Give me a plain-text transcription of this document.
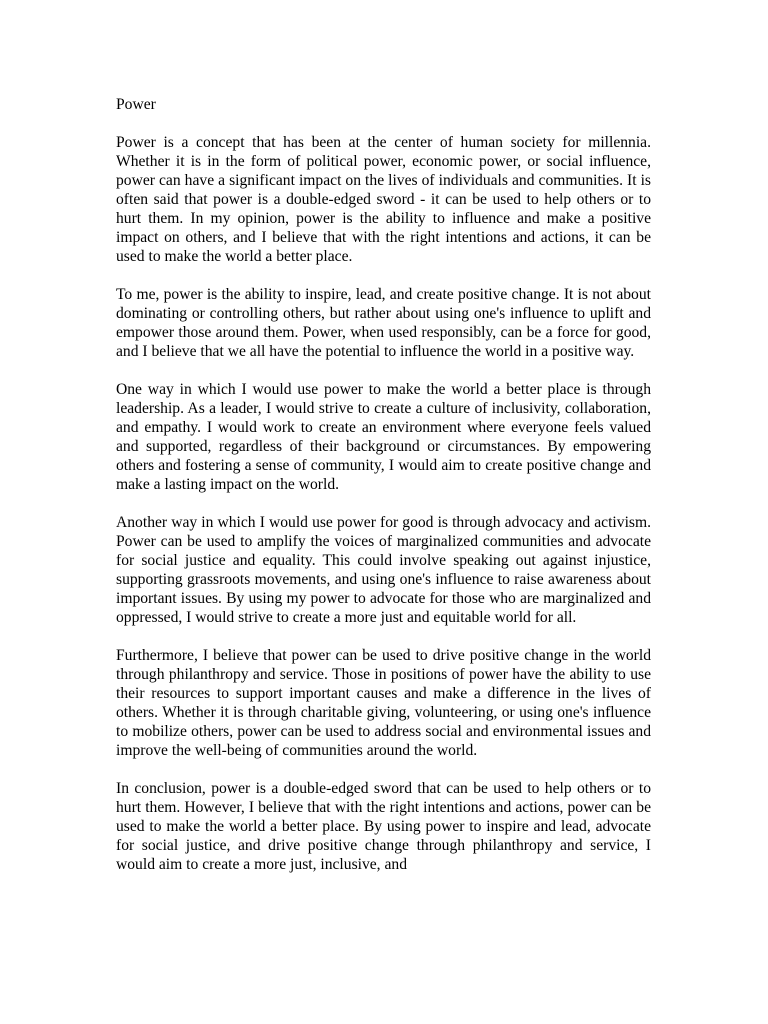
Power

Power is a concept that has been at the center of human society for millennia. Whether it is in the form of political power, economic power, or social influence, power can have a significant impact on the lives of individuals and communities. It is often said that power is a double-edged sword - it can be used to help others or to hurt them. In my opinion, power is the ability to influence and make a positive impact on others, and I believe that with the right intentions and actions, it can be used to make the world a better place.

To me, power is the ability to inspire, lead, and create positive change. It is not about dominating or controlling others, but rather about using one's influence to uplift and empower those around them. Power, when used responsibly, can be a force for good, and I believe that we all have the potential to influence the world in a positive way.

One way in which I would use power to make the world a better place is through leadership. As a leader, I would strive to create a culture of inclusivity, collaboration, and empathy. I would work to create an environment where everyone feels valued and supported, regardless of their background or circumstances. By empowering others and fostering a sense of community, I would aim to create positive change and make a lasting impact on the world.

Another way in which I would use power for good is through advocacy and activism. Power can be used to amplify the voices of marginalized communities and advocate for social justice and equality. This could involve speaking out against injustice, supporting grassroots movements, and using one's influence to raise awareness about important issues. By using my power to advocate for those who are marginalized and oppressed, I would strive to create a more just and equitable world for all.

Furthermore, I believe that power can be used to drive positive change in the world through philanthropy and service. Those in positions of power have the ability to use their resources to support important causes and make a difference in the lives of others. Whether it is through charitable giving, volunteering, or using one's influence to mobilize others, power can be used to address social and environmental issues and improve the well-being of communities around the world.

In conclusion, power is a double-edged sword that can be used to help others or to hurt them. However, I believe that with the right intentions and actions, power can be used to make the world a better place. By using power to inspire and lead, advocate for social justice, and drive positive change through philanthropy and service, I would aim to create a more just, inclusive, and
